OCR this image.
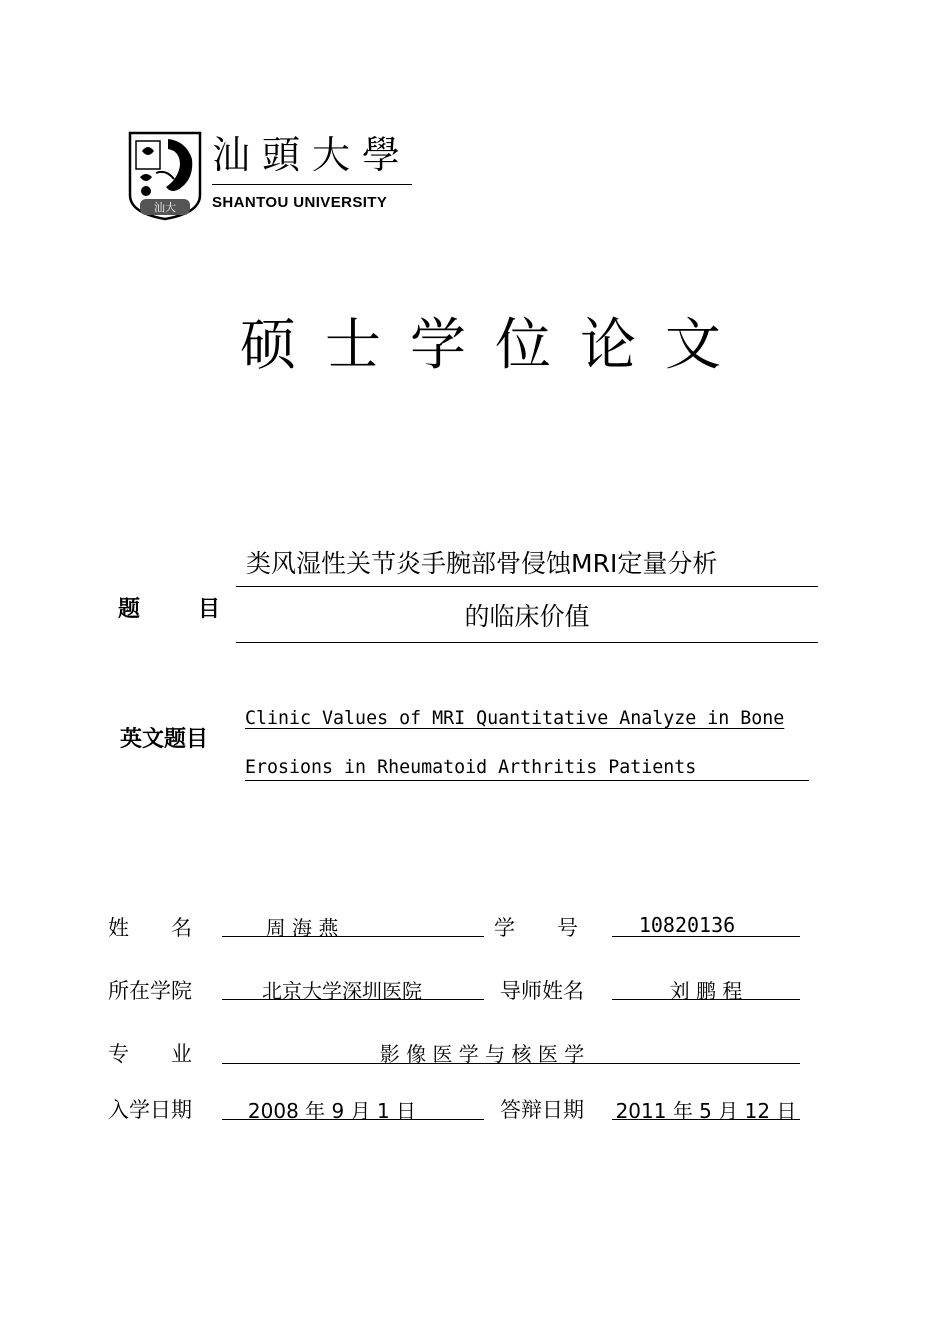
汕大
汕頭大學
SHANTOU UNIVERSITY
硕士学位论文
题	目
类风湿性关节炎手腕部骨侵蚀MRI定量分析
的临床价值
英文题目
Clinic Values of MRI Quantitative Analyze in Bone
Erosions in Rheumatoid Arthritis Patients
姓　　名	周 海 燕	学　　号	10820136
所在学院	北京大学深圳医院	导师姓名	刘 鹏 程
专　　业	影 像 医 学 与 核 医 学
入学日期	2008 年 9 月 1 日	答辩日期 2011 年 5 月 12 日
